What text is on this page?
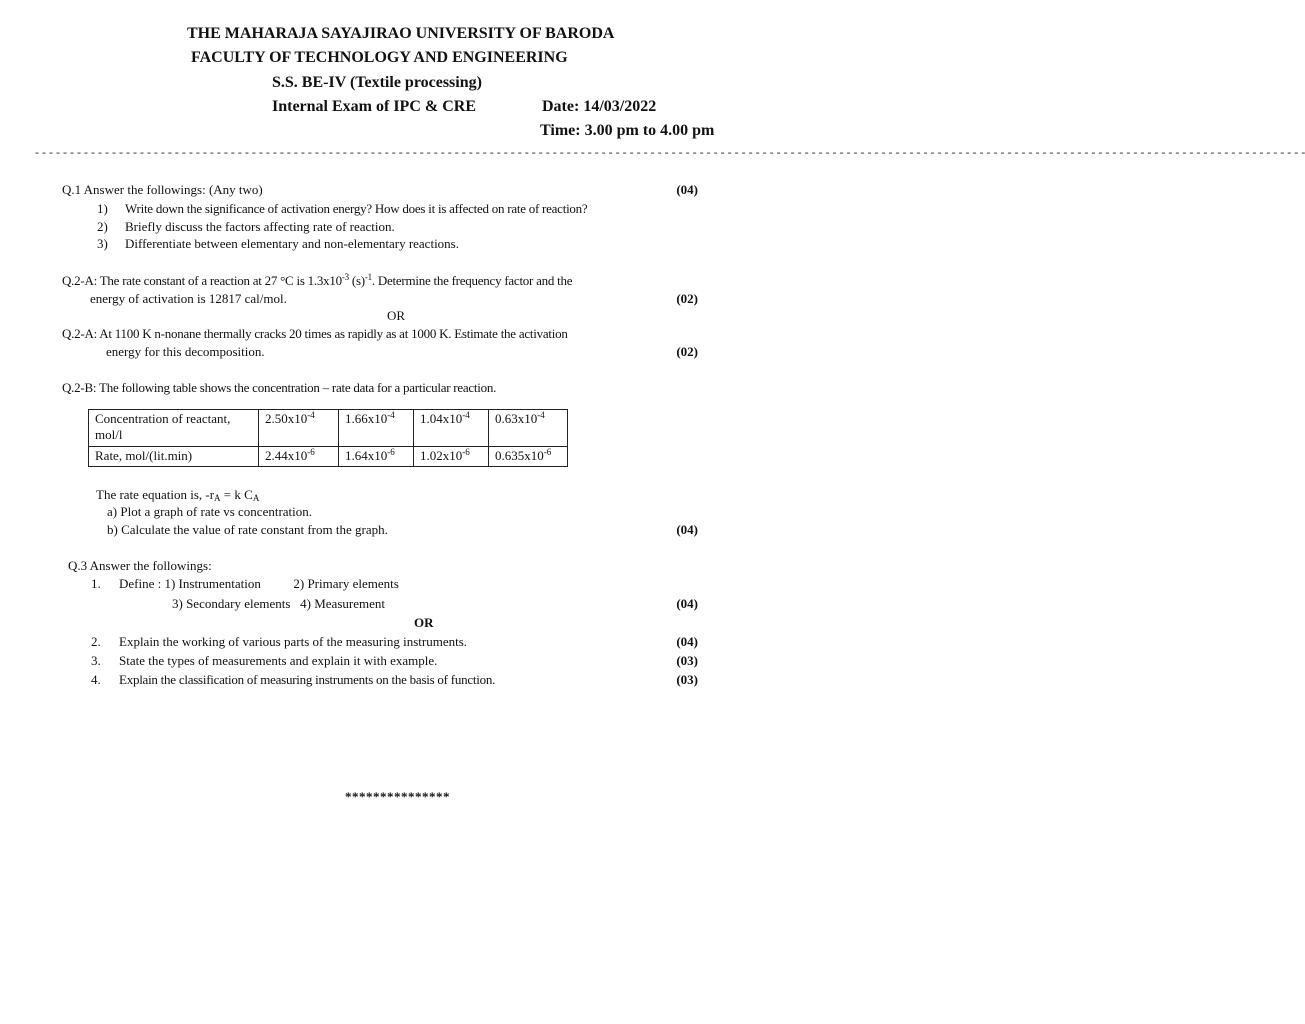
THE MAHARAJA SAYAJIRAO UNIVERSITY OF BARODA
FACULTY OF TECHNOLOGY AND ENGINEERING
S.S. BE-IV (Textile processing)
Internal Exam of IPC & CRE	Date: 14/03/2022
Time: 3.00 pm to 4.00 pm
- - - - - - - - - - - - - - - - - - - - - - - - - - - - - - - - - - - - - - - - - - - - - - - - - - - - - - - - - - - - - - - - - - - - - - - - - - - - - - - - - - - - - - - - - - - - - - - - - - - - - - - - - - - - - - - - - - - - - - - - - - - - - - - - - - - - - - - - - - - - - - - - - - - - - - - - - - - - - - - - - - - - - - - - - - - - - - - - - - - - - -
Q.1 Answer the followings: (Any two)	(04)
1) Write down the significance of activation energy? How does it is affected on rate of reaction?
2) Briefly discuss the factors affecting rate of reaction.
3) Differentiate between elementary and non-elementary reactions.
Q.2-A: The rate constant of a reaction at 27 °C is $1.3x10^{-3}$ $(s)^{-1}$. Determine the frequency factor and the
energy of activation is 12817 cal/mol.	(02)
OR
Q.2-A: At 1100 K n-nonane thermally cracks 20 times as rapidly as at 1000 K. Estimate the activation
energy for this decomposition.	(02)
Q.2-B: The following table shows the concentration – rate data for a particular reaction.
Concentration of reactant, mol/l	$2.50x10^{-4}$	$1.66x10^{-4}$	$1.04x10^{-4}$	$0.63x10^{-4}$
Rate, mol/(lit.min)	$2.44x10^{-6}$	$1.64x10^{-6}$	$1.02x10^{-6}$	$0.635x10^{-6}$
The rate equation is, $-r_A = k$ $C_A$
a) Plot a graph of rate vs concentration.
b) Calculate the value of rate constant from the graph.	(04)
Q.3 Answer the followings:
1. Define : 1) Instrumentation          2) Primary elements
3) Secondary elements   4) Measurement	(04)
OR
2. Explain the working of various parts of the measuring instruments.	(04)
3. State the types of measurements and explain it with example.	(03)
4. Explain the classification of measuring instruments on the basis of function.	(03)
***************
